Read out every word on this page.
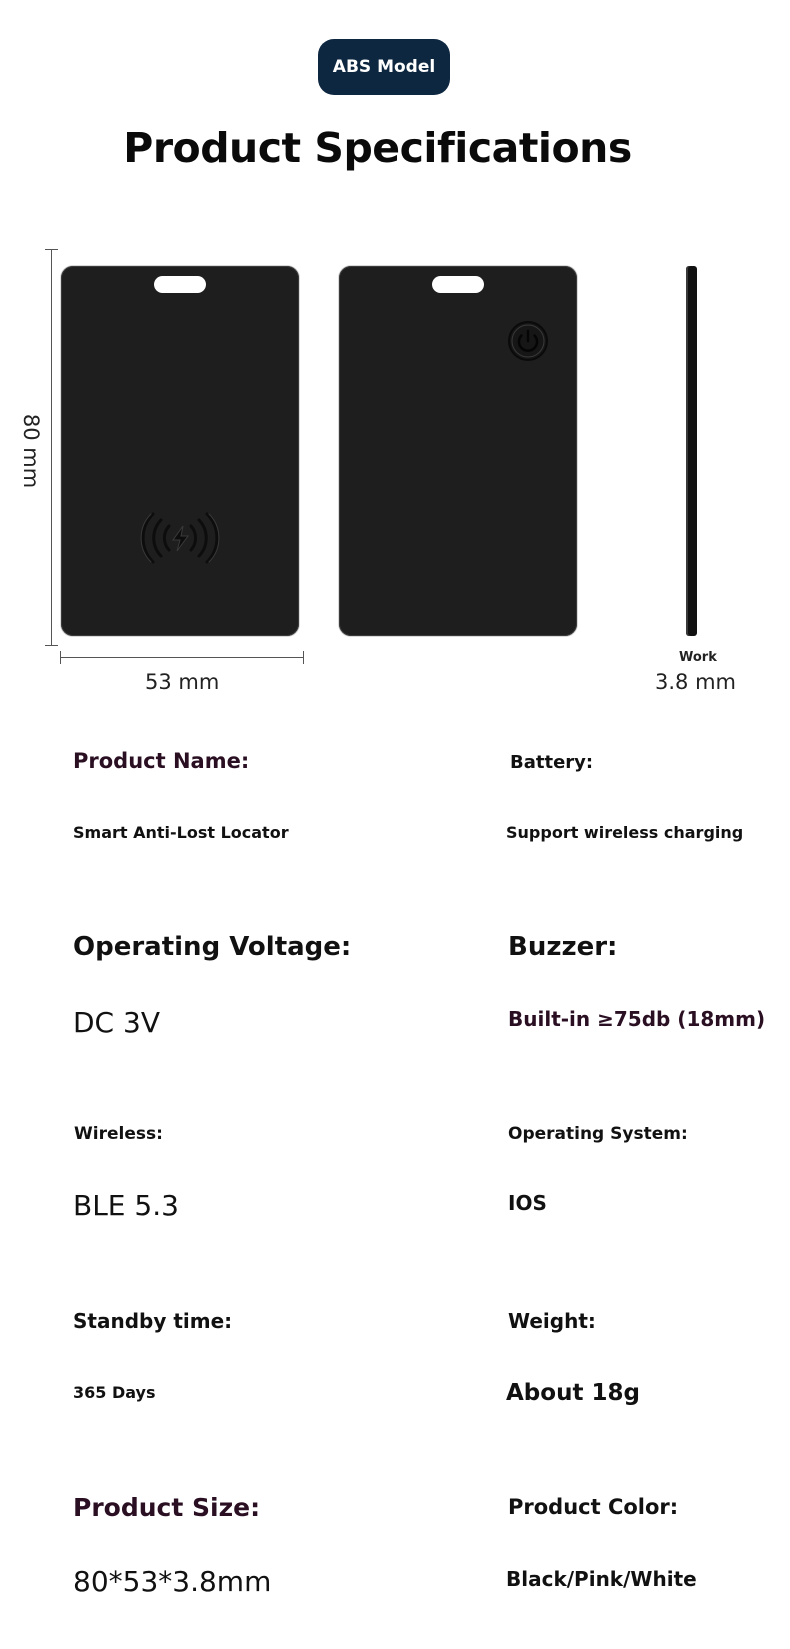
ABS Model
Product Specifications
80 mm
53 mm
Work
3.8 mm
Product Name:
Smart Anti-Lost Locator
Battery:
Support wireless charging
Operating Voltage:
DC 3V
Buzzer:
Built-in ≥75db (18mm)
Wireless:
BLE 5.3
Operating System:
IOS
Standby time:
365 Days
Weight:
About 18g
Product Size:
80*53*3.8mm
Product Color:
Black/Pink/White
